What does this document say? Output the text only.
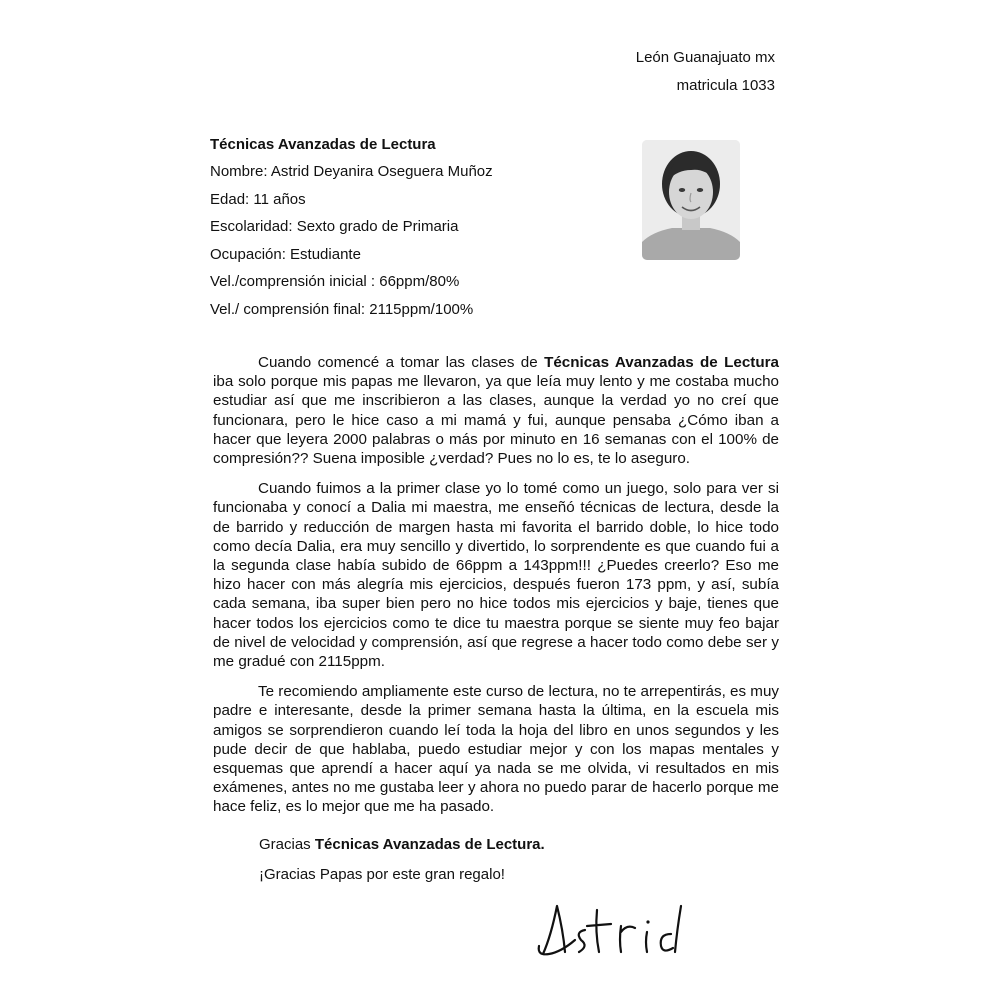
León Guanajuato mx
matricula 1033
Técnicas Avanzadas de Lectura
Nombre: Astrid Deyanira Oseguera Muñoz
Edad: 11 años
Escolaridad: Sexto grado de Primaria
Ocupación: Estudiante
Vel./comprensión inicial : 66ppm/80%
Vel./ comprensión final: 2115ppm/100%

Cuando comencé a tomar las clases de Técnicas Avanzadas de Lectura iba solo porque mis papas me llevaron, ya que leía muy lento y me costaba mucho estudiar así que me inscribieron a las clases, aunque la verdad yo no creí que funcionara, pero le hice caso a mi mamá y fui, aunque pensaba ¿Cómo iban a hacer que leyera 2000 palabras o más por minuto en 16 semanas con el 100% de compresión?? Suena imposible ¿verdad? Pues no lo es, te lo aseguro.

Cuando fuimos a la primer clase yo lo tomé como un juego, solo para ver si funcionaba y conocí a Dalia mi maestra, me enseñó técnicas de lectura, desde la de barrido y reducción de margen hasta mi favorita el barrido doble, lo hice todo como decía Dalia, era muy sencillo y divertido, lo sorprendente es que cuando fui a la segunda clase había subido de 66ppm a 143ppm!!! ¿Puedes creerlo? Eso me hizo hacer con más alegría mis ejercicios, después fueron 173 ppm, y así, subía cada semana, iba super bien pero no hice todos mis ejercicios y baje, tienes que hacer todos los ejercicios como te dice tu maestra porque se siente muy feo bajar de nivel de velocidad y comprensión, así que regrese a hacer todo como debe ser y me gradué con 2115ppm.

Te recomiendo ampliamente este curso de lectura, no te arrepentirás, es muy padre e interesante, desde la primer semana hasta la última, en la escuela mis amigos se sorprendieron cuando leí toda la hoja del libro en unos segundos y les pude decir de que hablaba, puedo estudiar mejor y con los mapas mentales y esquemas que aprendí a hacer aquí ya nada se me olvida, vi resultados en mis exámenes, antes no me gustaba leer y ahora no puedo parar de hacerlo porque me hace feliz, es lo mejor que me ha pasado.

Gracias Técnicas Avanzadas de Lectura.
¡Gracias Papas por este gran regalo!
